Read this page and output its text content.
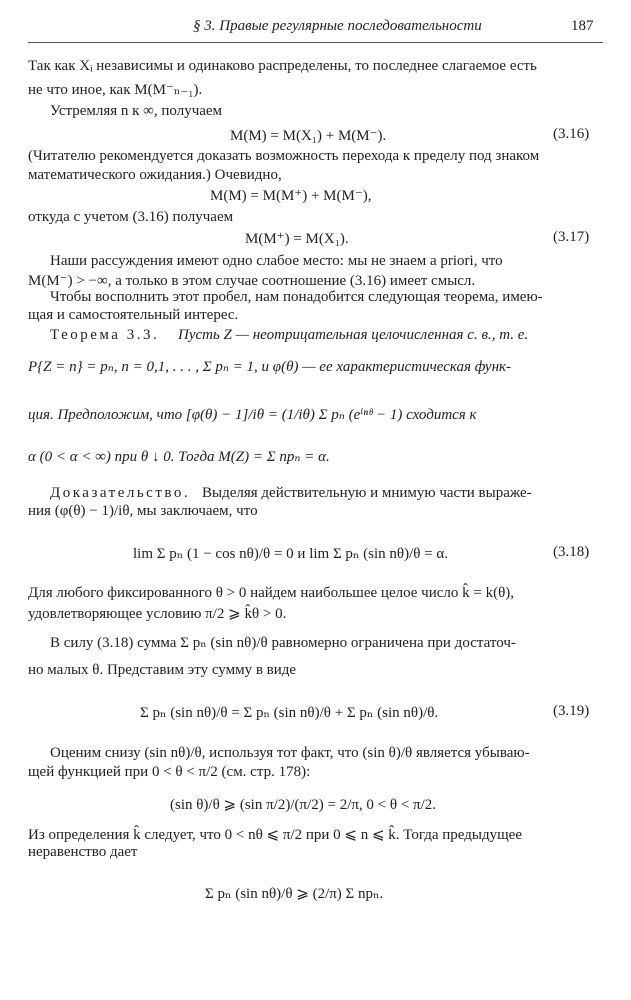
§ 3. Правые регулярные последовательности	187
Так как Xᵢ независимы и одинаково распределены, то последнее слагаемое есть
не что иное, как M(M⁻ₙ₋₁).
Устремляя n к ∞, получаем
M(M) = M(X₁) + M(M⁻).	(3.16)
(Читателю рекомендуется доказать возможность перехода к пределу под знаком
математического ожидания.) Очевидно,
M(M) = M(M⁺) + M(M⁻),
откуда с учетом (3.16) получаем
M(M⁺) = M(X₁).	(3.17)
Наши рассуждения имеют одно слабое место: мы не знаем a priori, что
M(M⁻) > −∞, а только в этом случае соотношение (3.16) имеет смысл.
Чтобы восполнить этот пробел, нам понадобится следующая теорема, имею-
щая и самостоятельный интерес.
Теорема 3.3. Пусть Z — неотрицательная целочисленная с. в., т. е.
P{Z = n} = pₙ, n = 0,1, . . . , Σ pₙ = 1, и φ(θ) — ее характеристическая функ-
ция. Предположим, что [φ(θ) − 1]/iθ = (1/iθ) Σ pₙ (eⁱⁿᶿ − 1) сходится к
α (0 < α < ∞) при θ ↓ 0. Тогда M(Z) = Σ npₙ = α.
Доказательство. Выделяя действительную и мнимую части выраже-
ния (φ(θ) − 1)/iθ, мы заключаем, что
lim Σ pₙ (1 − cos nθ)/θ = 0 и lim Σ pₙ (sin nθ)/θ = α.	(3.18)
Для любого фиксированного θ > 0 найдем наибольшее целое число k̂ = k(θ),
удовлетворяющее условию π/2 ⩾ k̂θ > 0.
В силу (3.18) сумма Σ pₙ (sin nθ)/θ равномерно ограничена при достаточ-
но малых θ. Представим эту сумму в виде
Σ pₙ (sin nθ)/θ = Σ pₙ (sin nθ)/θ + Σ pₙ (sin nθ)/θ.	(3.19)
Оценим снизу (sin nθ)/θ, используя тот факт, что (sin θ)/θ является убываю-
щей функцией при 0 < θ < π/2 (см. стр. 178):
(sin θ)/θ ⩾ (sin π/2)/(π/2) = 2/π, 0 < θ < π/2.
Из определения k̂ следует, что 0 < nθ ⩽ π/2 при 0 ⩽ n ⩽ k̂. Тогда предыдущее
неравенство дает
Σ pₙ (sin nθ)/θ ⩾ (2/π) Σ npₙ.
